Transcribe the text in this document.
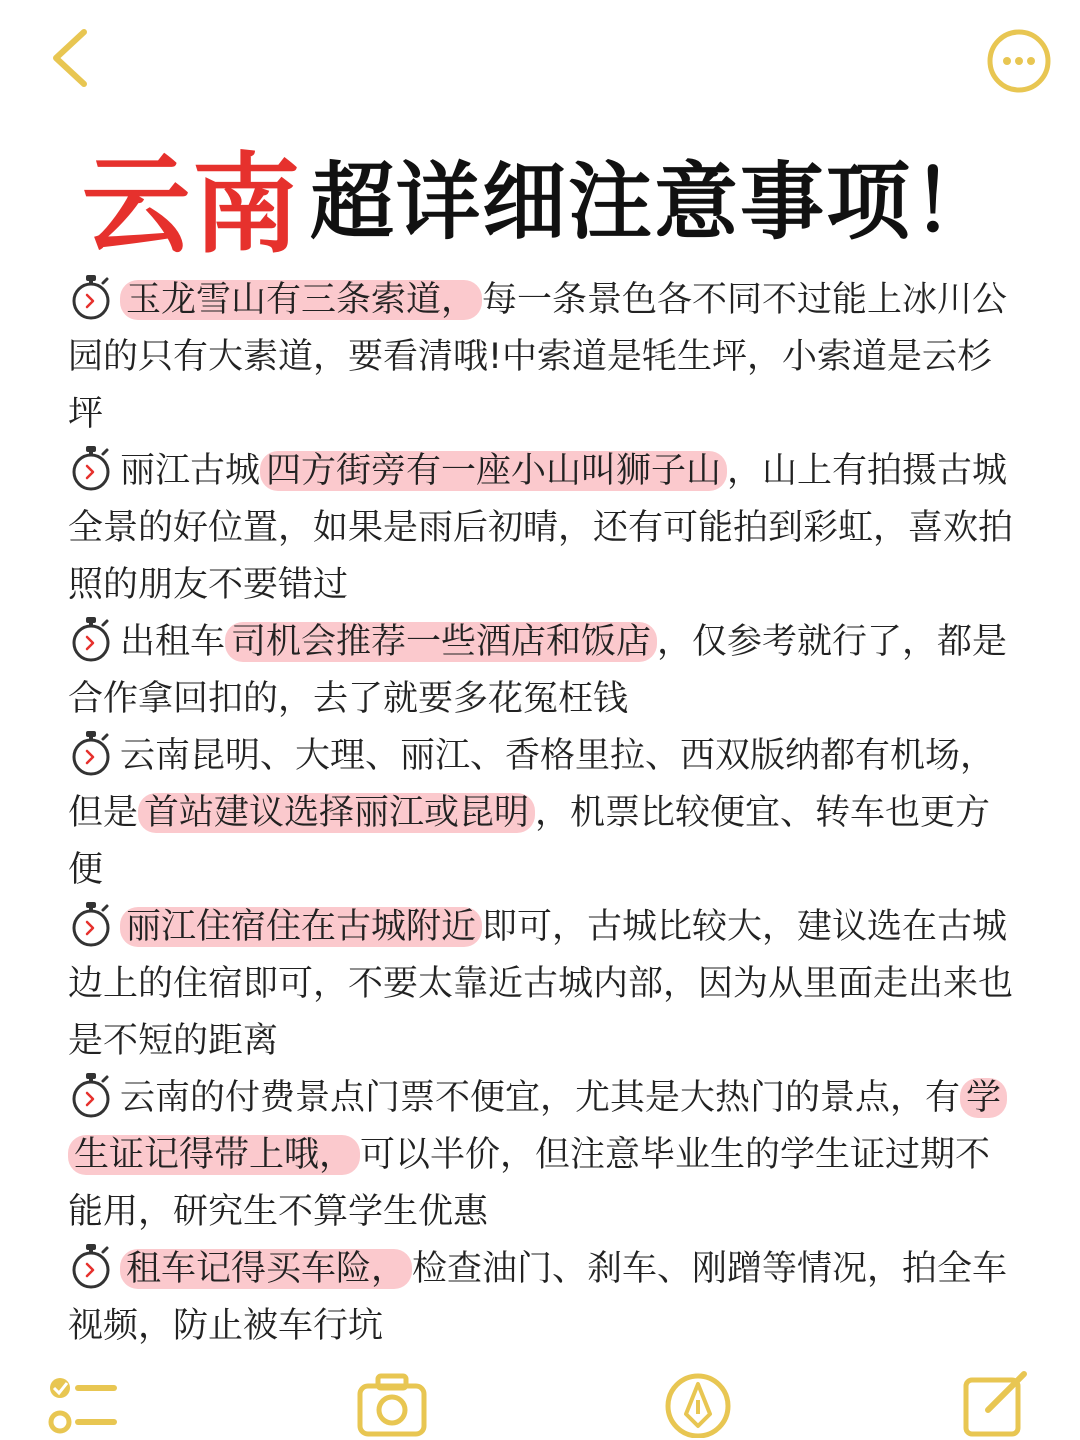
云南超详细注意事项！

玉龙雪山有三条索道， 每一条景色各不同不过能上冰川公园的只有大素道，要看清哦!中索道是牦生坪，小索道是云杉坪

丽江古城 四方街旁有一座小山叫狮子山 ，山上有拍摄古城全景的好位置，如果是雨后初晴，还有可能拍到彩虹，喜欢拍照的朋友不要错过

出租车 司机会推荐一些酒店和饭店 ，仅参考就行了，都是合作拿回扣的，去了就要多花冤枉钱

云南昆明、大理、丽江、香格里拉、西双版纳都有机场，但是 首站建议选择丽江或昆明 ，机票比较便宜、转车也更方便

丽江住宿住在古城附近 即可，古城比较大，建议选在古城边上的住宿即可，不要太靠近古城内部，因为从里面走出来也是不短的距离

云南的付费景点门票不便宜，尤其是大热门的景点，有 学生证记得带上哦， 可以半价，但注意毕业生的学生证过期不能用，研究生不算学生优惠

租车记得买车险， 检查油门、刹车、刚蹭等情况，拍全车视频，防止被车行坑
